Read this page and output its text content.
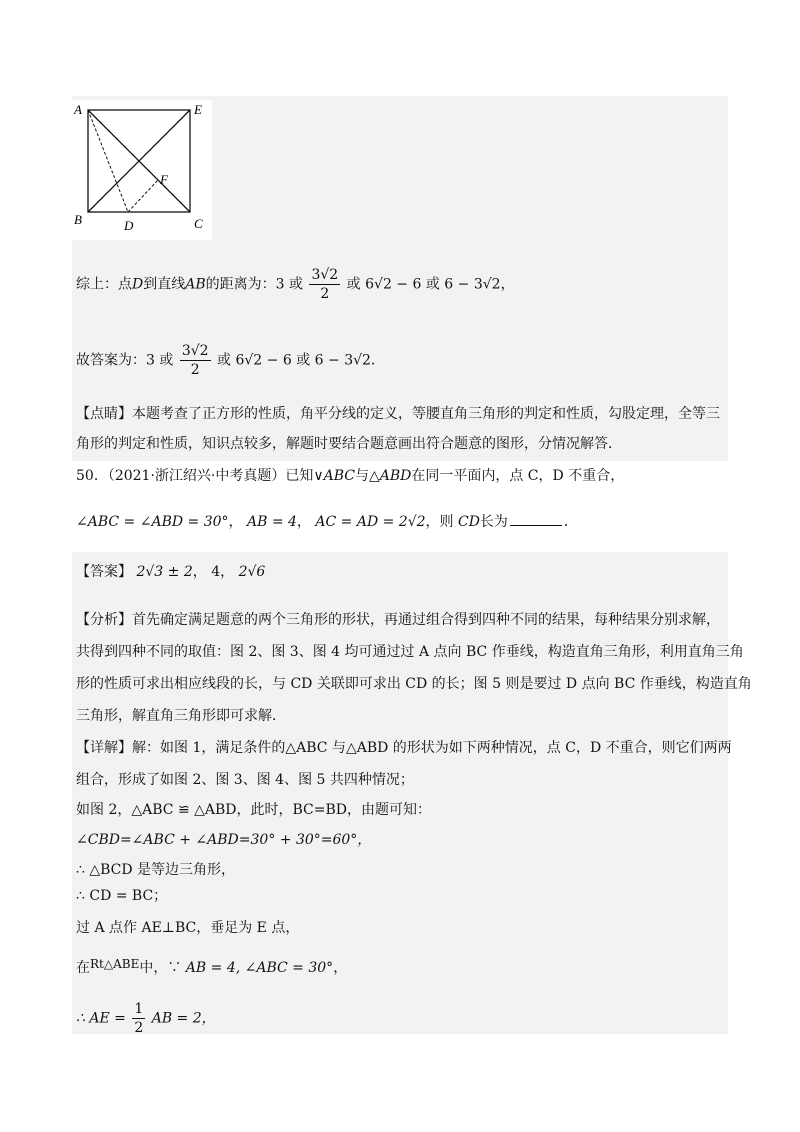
A	E
F
B	D	C
综上：点D到直线AB的距离为：3 或 $\frac{3√2}{2}$ 或 6√2 − 6 或 6 − 3√2，
故答案为：3 或 $\frac{3√2}{2}$ 或 6√2 − 6 或 6 − 3√2．
【点睛】本题考查了正方形的性质，角平分线的定义，等腰直角三角形的判定和性质，勾股定理，全等三
角形的判定和性质，知识点较多，解题时要结合题意画出符合题意的图形，分情况解答．
50．（2021·浙江绍兴·中考真题）已知∨ABC与△ABD在同一平面内，点 C，D 不重合，
∠ABC = ∠ABD = 30°， AB = 4， AC = AD = 2√2，则 CD长为	．
【答案】 2√3 ± 2， 4， 2√6
【分析】首先确定满足题意的两个三角形的形状，再通过组合得到四种不同的结果，每种结果分别求解，
共得到四种不同的取值：图 2、图 3、图 4 均可通过过 A 点向 BC 作垂线，构造直角三角形，利用直角三角
形的性质可求出相应线段的长，与 CD 关联即可求出 CD 的长；图 5 则是要过 D 点向 BC 作垂线，构造直角
三角形，解直角三角形即可求解．
【详解】解：如图 1，满足条件的△ABC 与△ABD 的形状为如下两种情况，点 C，D 不重合，则它们两两
组合，形成了如图 2、图 3、图 4、图 5 共四种情况；
如图 2，△ABC ≌ △ABD，此时，BC=BD，由题可知：
∠CBD=∠ABC + ∠ABD=30° + 30°=60°，
∴ △BCD 是等边三角形，
∴ CD = BC；
过 A 点作 AE⊥BC，垂足为 E 点，
在Rt△ABE中，∵ AB = 4, ∠ABC = 30°，
∴ AE = $\frac{1}{2}$ AB = 2，
